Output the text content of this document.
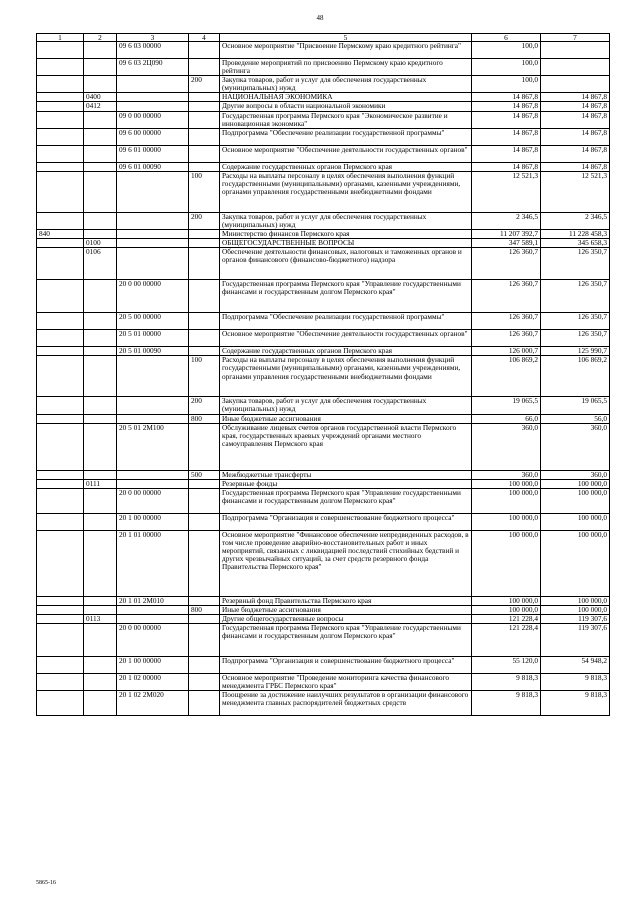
48
1	2	3	4	5	6	7
		09 6 03 00000		Основное мероприятие "Присвоение Пермскому краю кредитного рейтинга"	100,0	
		09 6 03 2Ц090		Проведение мероприятий по присвоению Пермскому краю кредитного рейтинга	100,0	
			200	Закупка товаров, работ и услуг для обеспечения государственных (муниципальных) нужд	100,0	
	0400			НАЦИОНАЛЬНАЯ ЭКОНОМИКА	14 867,8	14 867,8
	0412			Другие вопросы в области национальной экономики	14 867,8	14 867,8
		09 0 00 00000		Государственная программа Пермского края "Экономическое развитие и инновационная экономика"	14 867,8	14 867,8
		09 6 00 00000		Подпрограмма "Обеспечение реализации государственной программы"	14 867,8	14 867,8
		09 6 01 00000		Основное мероприятие "Обеспечение деятельности государственных органов"	14 867,8	14 867,8
		09 6 01 00090		Содержание государственных органов Пермского края	14 867,8	14 867,8
			100	Расходы на выплаты персоналу в целях обеспечения выполнения функций государственными (муниципальными) органами, казенными учреждениями, органами управления государственными внебюджетными фондами	12 521,3	12 521,3
			200	Закупка товаров, работ и услуг для обеспечения государственных (муниципальных) нужд	2 346,5	2 346,5
840				Министерство финансов Пермского края	11 207 392,7	11 228 458,3
	0100			ОБЩЕГОСУДАРСТВЕННЫЕ ВОПРОСЫ	347 589,1	345 658,3
	0106			Обеспечение деятельности финансовых, налоговых и таможенных органов и органов финансового (финансово-бюджетного) надзора	126 360,7	126 350,7
		20 0 00 00000		Государственная программа Пермского края "Управление государственными финансами и государственным долгом Пермского края"	126 360,7	126 350,7
		20 5 00 00000		Подпрограмма "Обеспечение реализации государственной программы"	126 360,7	126 350,7
		20 5 01 00000		Основное мероприятие "Обеспечение деятельности государственных органов"	126 360,7	126 350,7
		20 5 01 00090		Содержание государственных органов Пермского края	126 000,7	125 990,7
			100	Расходы на выплаты персоналу в целях обеспечения выполнения функций государственными (муниципальными) органами, казенными учреждениями, органами управления государственными внебюджетными фондами	106 869,2	106 869,2
			200	Закупка товаров, работ и услуг для обеспечения государственных (муниципальных) нужд	19 065,5	19 065,5
			800	Иные бюджетные ассигнования	66,0	56,0
		20 5 01 2М100		Обслуживание лицевых счетов органов государственной власти Пермского края, государственных краевых учреждений органами местного самоуправления Пермского края	360,0	360,0
			500	Межбюджетные трансферты	360,0	360,0
	0111			Резервные фонды	100 000,0	100 000,0
		20 0 00 00000		Государственная программа Пермского края "Управление государственными финансами и государственным долгом Пермского края"	100 000,0	100 000,0
		20 1 00 00000		Подпрограмма "Организация и совершенствование бюджетного процесса"	100 000,0	100 000,0
		20 1 01 00000		Основное мероприятие "Финансовое обеспечение непредвиденных расходов, в том числе проведение аварийно-восстановительных работ и иных мероприятий, связанных с ликвидацией последствий стихийных бедствий и других чрезвычайных ситуаций, за счет средств резервного фонда Правительства Пермского края"	100 000,0	100 000,0
		20 1 01 2М010		Резервный фонд Правительства Пермского края	100 000,0	100 000,0
			800	Иные бюджетные ассигнования	100 000,0	100 000,0
	0113			Другие общегосударственные вопросы	121 228,4	119 307,6
		20 0 00 00000		Государственная программа Пермского края "Управление государственными финансами и государственным долгом Пермского края"	121 228,4	119 307,6
		20 1 00 00000		Подпрограмма "Организация и совершенствование бюджетного процесса"	55 120,0	54 948,2
		20 1 02 00000		Основное мероприятие "Проведение мониторинга качества финансового менеджмента ГРБС Пермского края"	9 818,3	9 818,3
		20 1 02 2М020		Поощрение за достижение наилучших результатов в организации финансового менеджмента главных распорядителей бюджетных средств	9 818,3	9 818,3
5865-16
